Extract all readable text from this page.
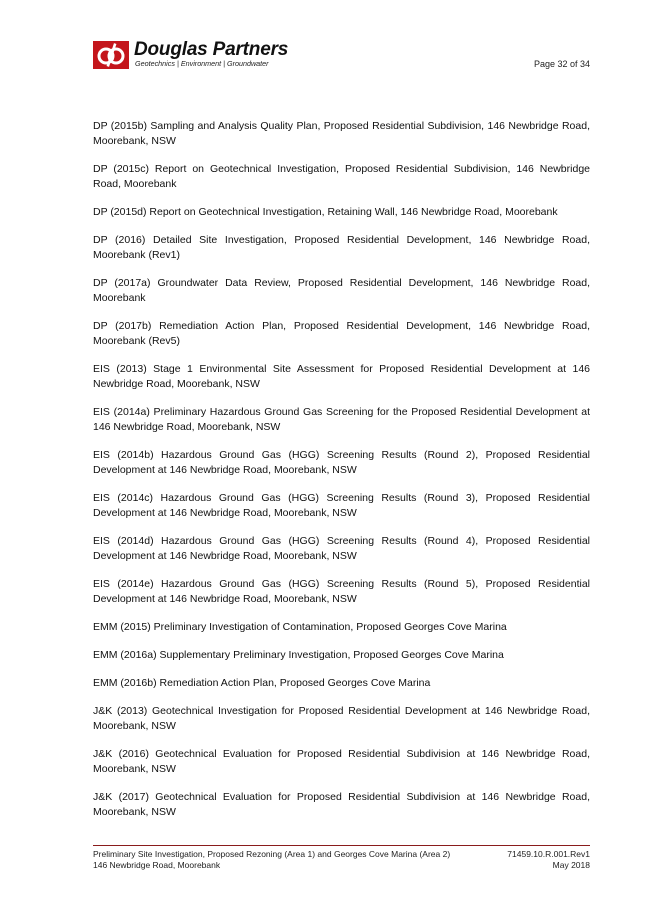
Douglas Partners
Geotechnics | Environment | Groundwater	Page 32 of 34

DP (2015b) Sampling and Analysis Quality Plan, Proposed Residential Subdivision, 146 Newbridge Road, Moorebank, NSW

DP (2015c) Report on Geotechnical Investigation, Proposed Residential Subdivision, 146 Newbridge Road, Moorebank

DP (2015d) Report on Geotechnical Investigation, Retaining Wall, 146 Newbridge Road, Moorebank

DP (2016) Detailed Site Investigation, Proposed Residential Development, 146 Newbridge Road, Moorebank (Rev1)

DP (2017a) Groundwater Data Review, Proposed Residential Development, 146 Newbridge Road, Moorebank

DP (2017b) Remediation Action Plan, Proposed Residential Development, 146 Newbridge Road, Moorebank (Rev5)

EIS (2013) Stage 1 Environmental Site Assessment for Proposed Residential Development at 146 Newbridge Road, Moorebank, NSW

EIS (2014a) Preliminary Hazardous Ground Gas Screening for the Proposed Residential Development at 146 Newbridge Road, Moorebank, NSW

EIS (2014b) Hazardous Ground Gas (HGG) Screening Results (Round 2), Proposed Residential Development at 146 Newbridge Road, Moorebank, NSW

EIS (2014c) Hazardous Ground Gas (HGG) Screening Results (Round 3), Proposed Residential Development at 146 Newbridge Road, Moorebank, NSW

EIS (2014d) Hazardous Ground Gas (HGG) Screening Results (Round 4), Proposed Residential Development at 146 Newbridge Road, Moorebank, NSW

EIS (2014e) Hazardous Ground Gas (HGG) Screening Results (Round 5), Proposed Residential Development at 146 Newbridge Road, Moorebank, NSW

EMM (2015) Preliminary Investigation of Contamination, Proposed Georges Cove Marina

EMM (2016a) Supplementary Preliminary Investigation, Proposed Georges Cove Marina

EMM (2016b) Remediation Action Plan, Proposed Georges Cove Marina

J&K (2013) Geotechnical Investigation for Proposed Residential Development at 146 Newbridge Road, Moorebank, NSW

J&K (2016) Geotechnical Evaluation for Proposed Residential Subdivision at 146 Newbridge Road, Moorebank, NSW

J&K (2017) Geotechnical Evaluation for Proposed Residential Subdivision at 146 Newbridge Road, Moorebank, NSW

Preliminary Site Investigation, Proposed Rezoning (Area 1) and Georges Cove Marina (Area 2)
146 Newbridge Road, Moorebank
71459.10.R.001.Rev1
May 2018
